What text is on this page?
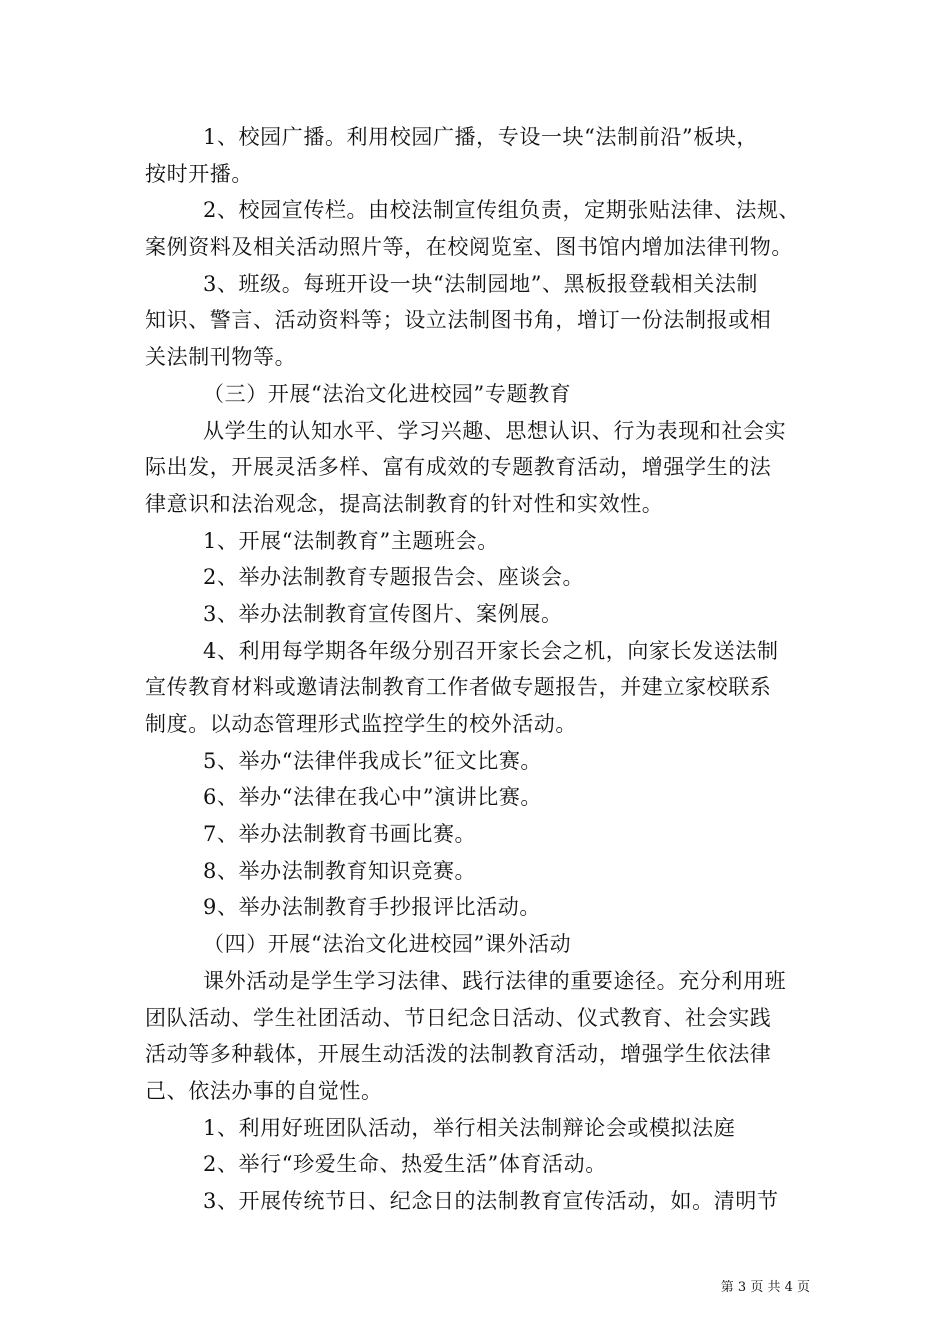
1、校园广播。利用校园广播，专设一块“法制前沿”板块，
按时开播。
2、校园宣传栏。由校法制宣传组负责，定期张贴法律、法规、
案例资料及相关活动照片等，在校阅览室、图书馆内增加法律刊物。
3、班级。每班开设一块“法制园地”、黑板报登载相关法制
知识、警言、活动资料等；设立法制图书角，增订一份法制报或相
关法制刊物等。
（三）开展“法治文化进校园”专题教育
从学生的认知水平、学习兴趣、思想认识、行为表现和社会实
际出发，开展灵活多样、富有成效的专题教育活动，增强学生的法
律意识和法治观念，提高法制教育的针对性和实效性。
1、开展“法制教育”主题班会。
2、举办法制教育专题报告会、座谈会。
3、举办法制教育宣传图片、案例展。
4、利用每学期各年级分别召开家长会之机，向家长发送法制
宣传教育材料或邀请法制教育工作者做专题报告，并建立家校联系
制度。以动态管理形式监控学生的校外活动。
5、举办“法律伴我成长”征文比赛。
6、举办“法律在我心中”演讲比赛。
7、举办法制教育书画比赛。
8、举办法制教育知识竞赛。
9、举办法制教育手抄报评比活动。
（四）开展“法治文化进校园”课外活动
课外活动是学生学习法律、践行法律的重要途径。充分利用班
团队活动、学生社团活动、节日纪念日活动、仪式教育、社会实践
活动等多种载体，开展生动活泼的法制教育活动，增强学生依法律
己、依法办事的自觉性。
1、利用好班团队活动，举行相关法制辩论会或模拟法庭
2、举行“珍爱生命、热爱生活”体育活动。
3、开展传统节日、纪念日的法制教育宣传活动，如。清明节
第 3 页 共 4 页
